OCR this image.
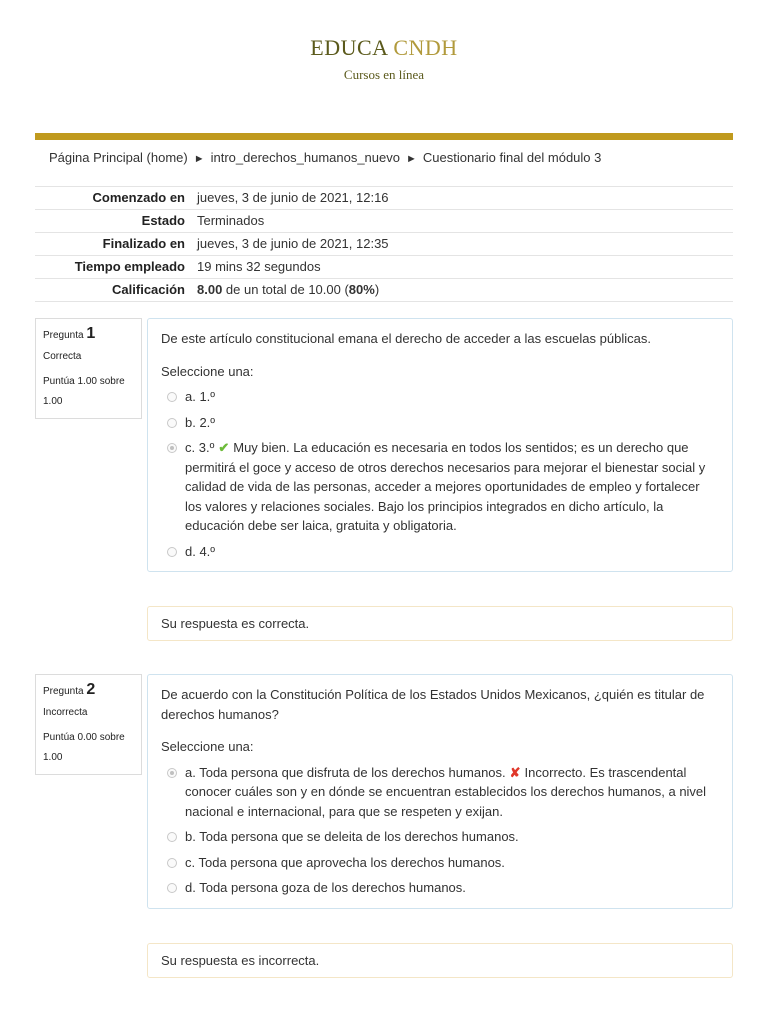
EDUCA CNDH
Cursos en línea
Página Principal (home) ► intro_derechos_humanos_nuevo ► Cuestionario final del módulo 3
Comenzado en	jueves, 3 de junio de 2021, 12:16
Estado	Terminados
Finalizado en	jueves, 3 de junio de 2021, 12:35
Tiempo empleado	19 mins 32 segundos
Calificación	8.00 de un total de 10.00 (80%)
Pregunta 1
Correcta
Puntúa 1.00 sobre 1.00

De este artículo constitucional emana el derecho de acceder a las escuelas públicas.

Seleccione una:
a. 1.º
b. 2.º
c. 3.º ✔ Muy bien. La educación es necesaria en todos los sentidos; es un derecho que permitirá el goce y acceso de otros derechos necesarios para mejorar el bienestar social y calidad de vida de las personas, acceder a mejores oportunidades de empleo y fortalecer los valores y relaciones sociales. Bajo los principios integrados en dicho artículo, la educación debe ser laica, gratuita y obligatoria.
d. 4.º
Su respuesta es correcta.
Pregunta 2
Incorrecta
Puntúa 0.00 sobre 1.00

De acuerdo con la Constitución Política de los Estados Unidos Mexicanos, ¿quién es titular de derechos humanos?

Seleccione una:
a. Toda persona que disfruta de los derechos humanos. ✘ Incorrecto. Es trascendental conocer cuáles son y en dónde se encuentran establecidos los derechos humanos, a nivel nacional e internacional, para que se respeten y exijan.
b. Toda persona que se deleita de los derechos humanos.
c. Toda persona que aprovecha los derechos humanos.
d. Toda persona goza de los derechos humanos.
Su respuesta es incorrecta.
